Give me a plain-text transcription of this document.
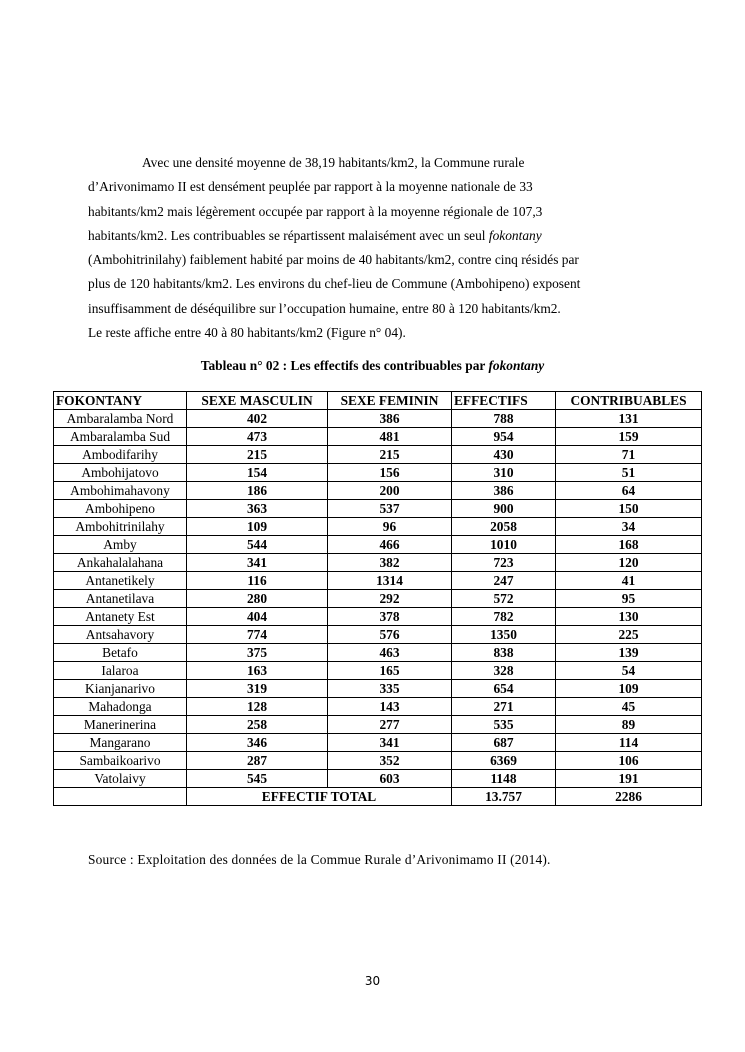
Avec une densité moyenne de 38,19 habitants/km2, la Commune rurale
d’Arivonimamo II est densément peuplée par rapport à la moyenne nationale de 33
habitants/km2 mais légèrement occupée par rapport à la moyenne régionale de 107,3
habitants/km2. Les contribuables se répartissent malaisément avec un seul fokontany
(Ambohitrinilahy) faiblement habité par moins de 40 habitants/km2, contre cinq résidés par
plus de 120 habitants/km2. Les environs du chef-lieu de Commune (Ambohipeno) exposent
insuffisamment de déséquilibre sur l’occupation humaine, entre 80 à 120 habitants/km2.
Le reste affiche entre 40 à 80 habitants/km2 (Figure n° 04).
Tableau n° 02 : Les effectifs des contribuables par fokontany
FOKONTANY	SEXE MASCULIN	SEXE FEMININ	EFFECTIFS	CONTRIBUABLES
Ambaralamba Nord	402	386	788	131
Ambaralamba Sud	473	481	954	159
Ambodifarihy	215	215	430	71
Ambohijatovo	154	156	310	51
Ambohimahavony	186	200	386	64
Ambohipeno	363	537	900	150
Ambohitrinilahy	109	96	2058	34
Amby	544	466	1010	168
Ankahalalahana	341	382	723	120
Antanetikely	116	1314	247	41
Antanetilava	280	292	572	95
Antanety Est	404	378	782	130
Antsahavory	774	576	1350	225
Betafo	375	463	838	139
Ialaroa	163	165	328	54
Kianjanarivo	319	335	654	109
Mahadonga	128	143	271	45
Manerinerina	258	277	535	89
Mangarano	346	341	687	114
Sambaikoarivo	287	352	6369	106
Vatolaivy	545	603	1148	191
	EFFECTIF TOTAL		13.757	2286
Source : Exploitation des données de la Commue Rurale d’Arivonimamo II (2014).
30
